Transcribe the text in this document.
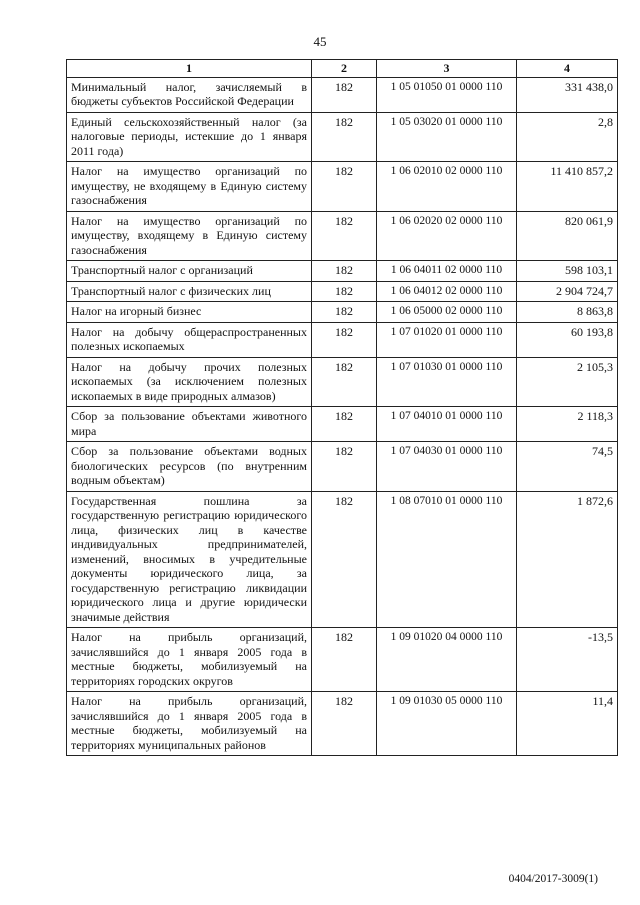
45
1	2	3	4
Минимальный налог, зачисляемый в бюджеты субъектов Российской Федерации	182	1 05 01050 01 0000 110	331 438,0
Единый сельскохозяйственный налог (за налоговые периоды, истекшие до 1 января 2011 года)	182	1 05 03020 01 0000 110	2,8
Налог на имущество организаций по имуществу, не входящему в Единую систему газоснабжения	182	1 06 02010 02 0000 110	11 410 857,2
Налог на имущество организаций по имуществу, входящему в Единую систему газоснабжения	182	1 06 02020 02 0000 110	820 061,9
Транспортный налог с организаций	182	1 06 04011 02 0000 110	598 103,1
Транспортный налог с физических лиц	182	1 06 04012 02 0000 110	2 904 724,7
Налог на игорный бизнес	182	1 06 05000 02 0000 110	8 863,8
Налог на добычу общераспространенных полезных ископаемых	182	1 07 01020 01 0000 110	60 193,8
Налог на добычу прочих полезных ископаемых (за исключением полезных ископаемых в виде природных алмазов)	182	1 07 01030 01 0000 110	2 105,3
Сбор за пользование объектами животного мира	182	1 07 04010 01 0000 110	2 118,3
Сбор за пользование объектами водных биологических ресурсов (по внутренним водным объектам)	182	1 07 04030 01 0000 110	74,5
Государственная пошлина за государственную регистрацию юридического лица, физических лиц в качестве индивидуальных предпринимателей, изменений, вносимых в учредительные документы юридического лица, за государственную регистрацию ликвидации юридического лица и другие юридически значимые действия	182	1 08 07010 01 0000 110	1 872,6
Налог на прибыль организаций, зачислявшийся до 1 января 2005 года в местные бюджеты, мобилизуемый на территориях городских округов	182	1 09 01020 04 0000 110	-13,5
Налог на прибыль организаций, зачислявшийся до 1 января 2005 года в местные бюджеты, мобилизуемый на территориях муниципальных районов	182	1 09 01030 05 0000 110	11,4
0404/2017-3009(1)
